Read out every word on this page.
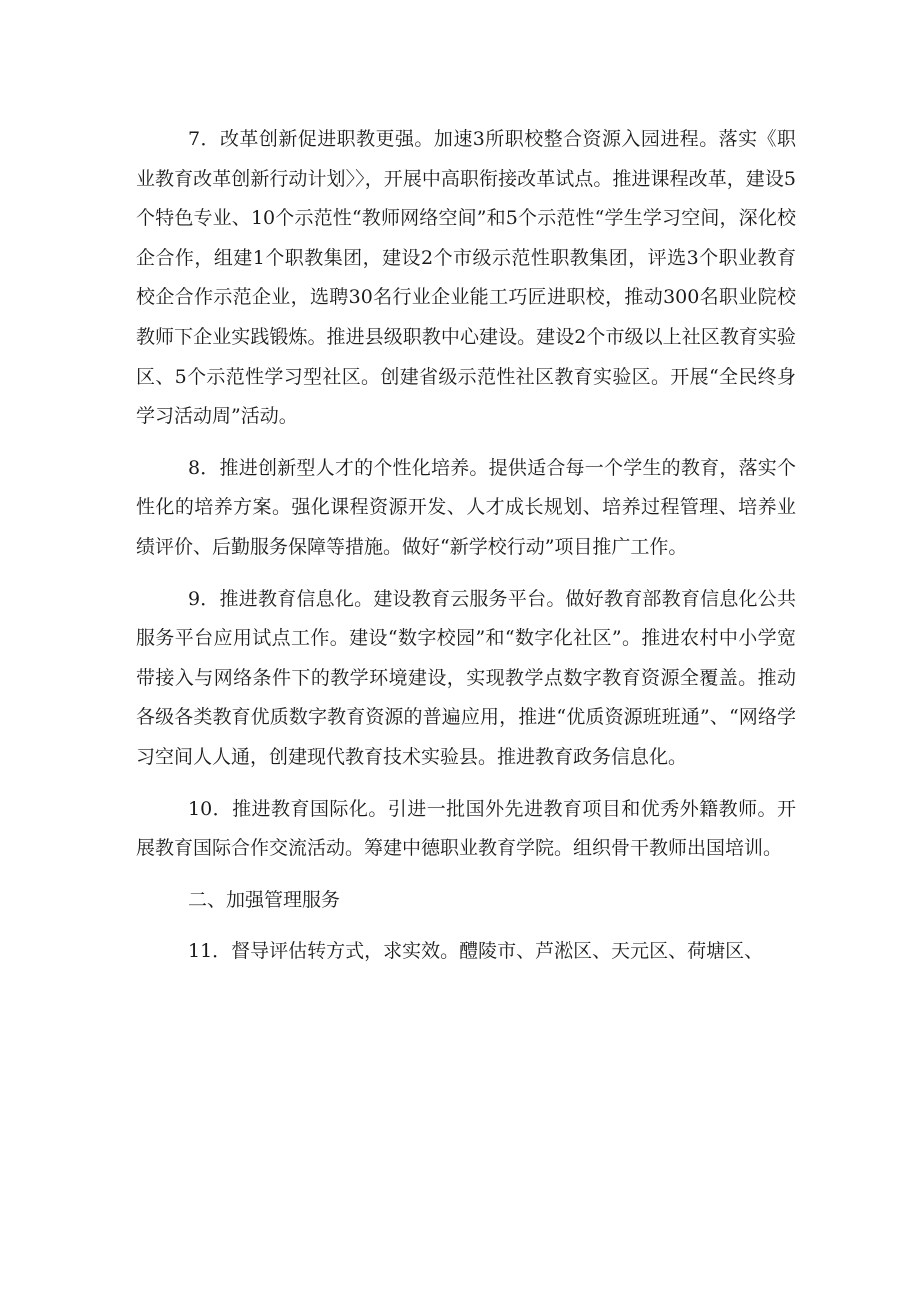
7．改革创新促进职教更强。加速3所职校整合资源入园进程。落实《职业教育改革创新行动计划〉〉，开展中高职衔接改革试点。推进课程改革，建设5个特色专业、10个示范性“教师网络空间”和5个示范性“学生学习空间，深化校企合作，组建1个职教集团，建设2个市级示范性职教集团，评选3个职业教育校企合作示范企业，选聘30名行业企业能工巧匠进职校，推动300名职业院校教师下企业实践锻炼。推进县级职教中心建设。建设2个市级以上社区教育实验区、5个示范性学习型社区。创建省级示范性社区教育实验区。开展“全民终身学习活动周”活动。

8．推进创新型人才的个性化培养。提供适合每一个学生的教育，落实个性化的培养方案。强化课程资源开发、人才成长规划、培养过程管理、培养业绩评价、后勤服务保障等措施。做好“新学校行动”项目推广工作。

9．推进教育信息化。建设教育云服务平台。做好教育部教育信息化公共服务平台应用试点工作。建设“数字校园”和“数字化社区”。推进农村中小学宽带接入与网络条件下的教学环境建设，实现教学点数字教育资源全覆盖。推动各级各类教育优质数字教育资源的普遍应用，推进“优质资源班班通”、“网络学习空间人人通，创建现代教育技术实验县。推进教育政务信息化。

10．推进教育国际化。引进一批国外先进教育项目和优秀外籍教师。开展教育国际合作交流活动。筹建中德职业教育学院。组织骨干教师出国培训。

二、加强管理服务

11．督导评估转方式，求实效。醴陵市、芦淞区、天元区、荷塘区、
